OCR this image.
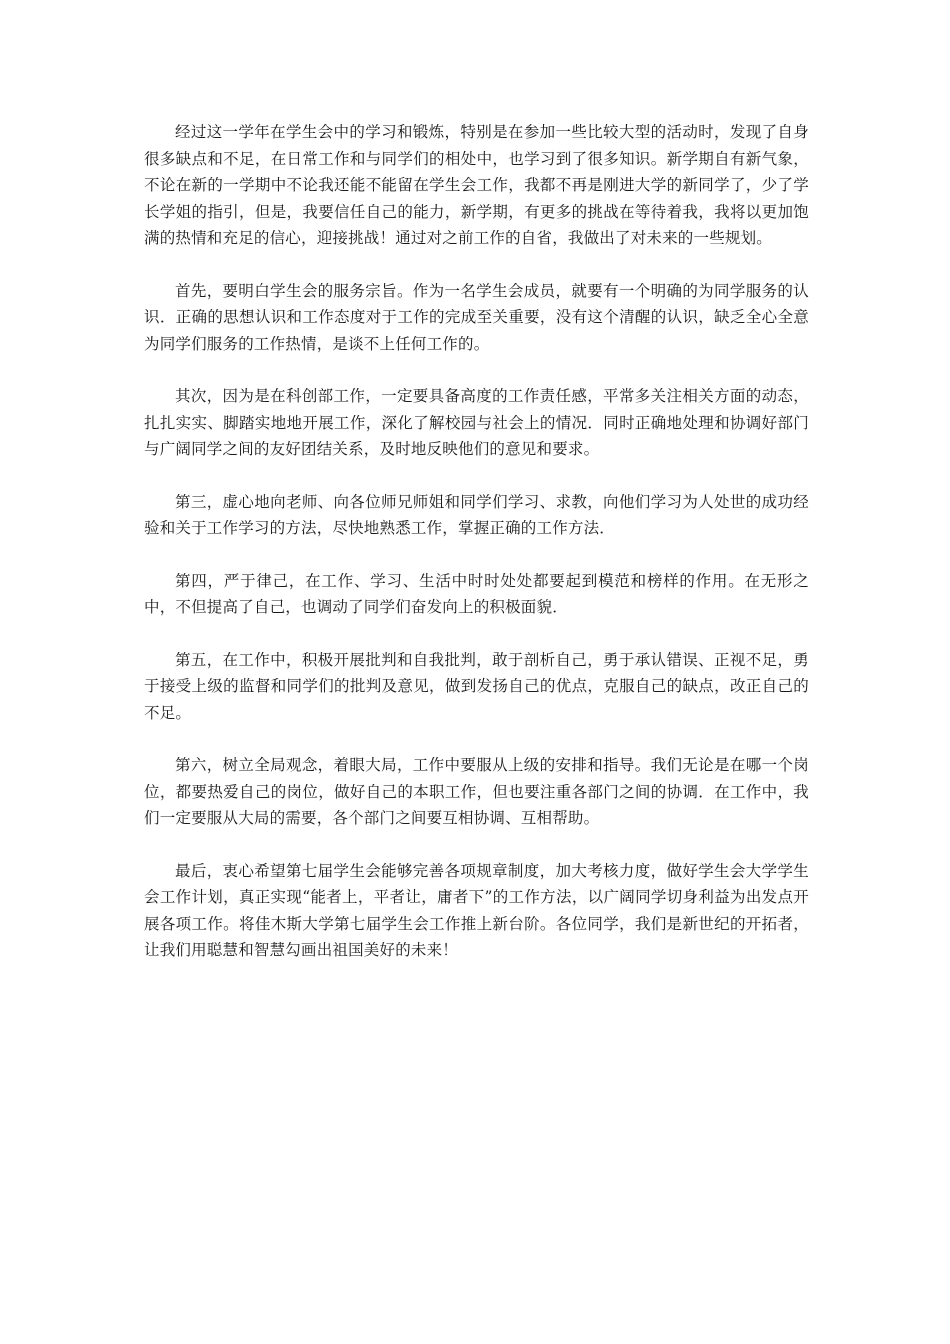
经过这一学年在学生会中的学习和锻炼，特别是在参加一些比较大型的活动时，发现了自身很多缺点和不足，在日常工作和与同学们的相处中，也学习到了很多知识。新学期自有新气象，不论在新的一学期中不论我还能不能留在学生会工作，我都不再是刚进大学的新同学了，少了学长学姐的指引，但是，我要信任自己的能力，新学期，有更多的挑战在等待着我，我将以更加饱满的热情和充足的信心，迎接挑战！通过对之前工作的自省，我做出了对未来的一些规划。

首先，要明白学生会的服务宗旨。作为一名学生会成员，就要有一个明确的为同学服务的认识．正确的思想认识和工作态度对于工作的完成至关重要，没有这个清醒的认识，缺乏全心全意为同学们服务的工作热情，是谈不上任何工作的。

其次，因为是在科创部工作，一定要具备高度的工作责任感，平常多关注相关方面的动态，扎扎实实、脚踏实地地开展工作，深化了解校园与社会上的情况．同时正确地处理和协调好部门与广阔同学之间的友好团结关系，及时地反映他们的意见和要求。

第三，虚心地向老师、向各位师兄师姐和同学们学习、求教，向他们学习为人处世的成功经验和关于工作学习的方法，尽快地熟悉工作，掌握正确的工作方法．

第四，严于律己，在工作、学习、生活中时时处处都要起到模范和榜样的作用。在无形之中，不但提高了自己，也调动了同学们奋发向上的积极面貌．

第五，在工作中，积极开展批判和自我批判，敢于剖析自己，勇于承认错误、正视不足，勇于接受上级的监督和同学们的批判及意见，做到发扬自己的优点，克服自己的缺点，改正自己的不足。

第六，树立全局观念，着眼大局，工作中要服从上级的安排和指导。我们无论是在哪一个岗位，都要热爱自己的岗位，做好自己的本职工作，但也要注重各部门之间的协调．在工作中，我们一定要服从大局的需要，各个部门之间要互相协调、互相帮助。

最后，衷心希望第七届学生会能够完善各项规章制度，加大考核力度，做好学生会大学学生会工作计划，真正实现“能者上，平者让，庸者下”的工作方法，以广阔同学切身利益为出发点开展各项工作。将佳木斯大学第七届学生会工作推上新台阶。各位同学，我们是新世纪的开拓者，让我们用聪慧和智慧勾画出祖国美好的未来！
